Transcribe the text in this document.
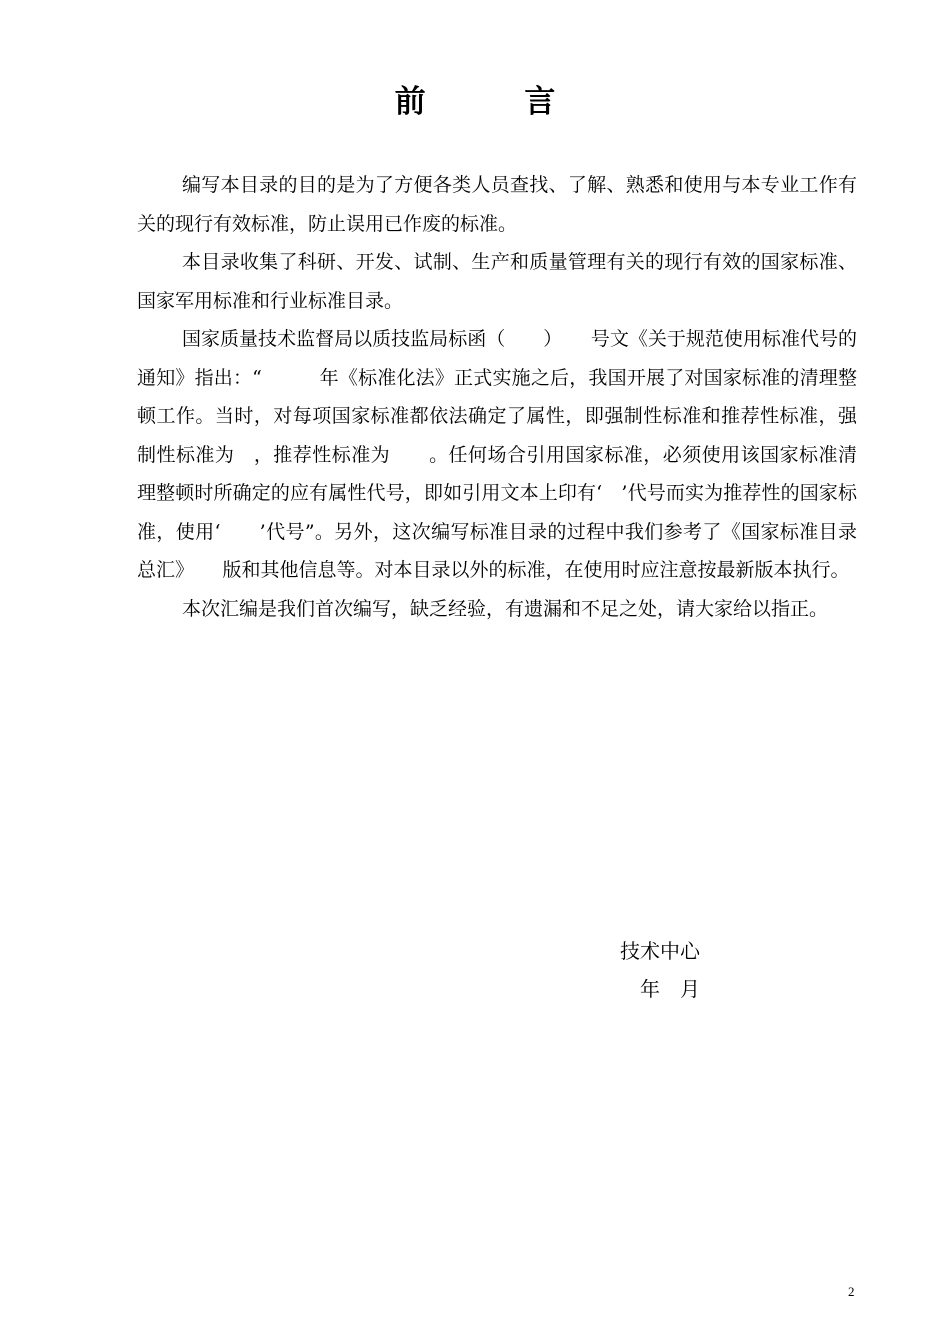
前 言

编写本目录的目的是为了方便各类人员查找、了解、熟悉和使用与本专业工作有关的现行有效标准，防止误用已作废的标准。

本目录收集了科研、开发、试制、生产和质量管理有关的现行有效的国家标准、国家军用标准和行业标准目录。

国家质量技术监督局以质技监局标函（　　）　　号文《关于规范使用标准代号的通知》指出：“　　　年《标准化法》正式实施之后，我国开展了对国家标准的清理整顿工作。当时，对每项国家标准都依法确定了属性，即强制性标准和推荐性标准，强制性标准为　，推荐性标准为　　。任何场合引用国家标准，必须使用该国家标准清理整顿时所确定的应有属性代号，即如引用文本上印有‘　’代号而实为推荐性的国家标准，使用‘　　’代号”。另外，这次编写标准目录的过程中我们参考了《国家标准目录总汇》　　版和其他信息等。对本目录以外的标准，在使用时应注意按最新版本执行。

本次汇编是我们首次编写，缺乏经验，有遗漏和不足之处，请大家给以指正。

技术中心
年　月
2
